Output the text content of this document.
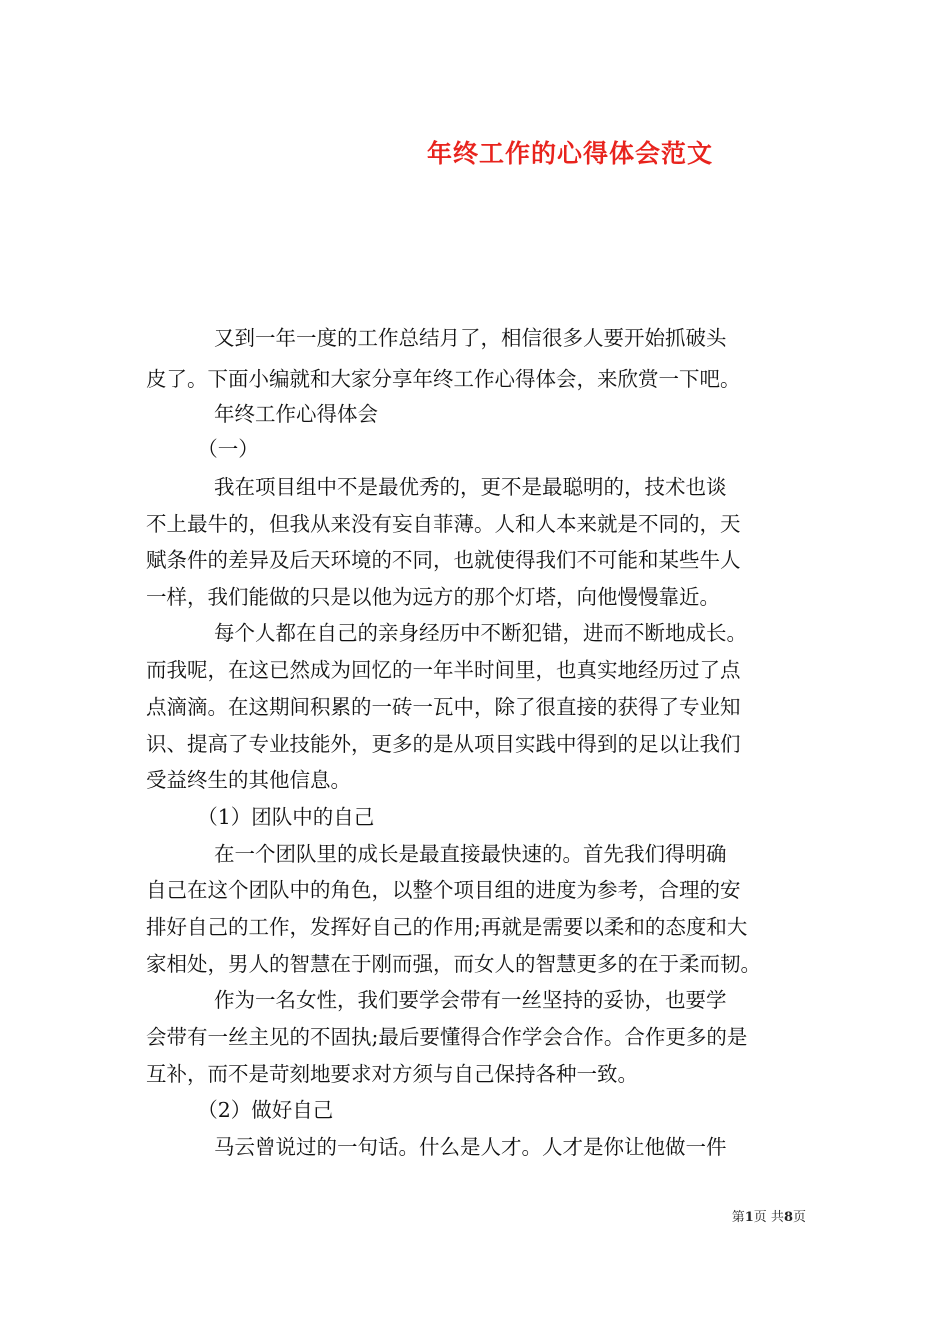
年终工作的心得体会范文

　　　 又到一年一度的工作总结月了，相信很多人要开始抓破头

皮了。下面小编就和大家分享年终工作心得体会，来欣赏一下吧。

　　　 年终工作心得体会

　　　（一）

　　　 我在项目组中不是最优秀的，更不是最聪明的，技术也谈

不上最牛的，但我从来没有妄自菲薄。人和人本来就是不同的，天

赋条件的差异及后天环境的不同，也就使得我们不可能和某些牛人

一样，我们能做的只是以他为远方的那个灯塔，向他慢慢靠近。

　　　 每个人都在自己的亲身经历中不断犯错，进而不断地成长。

而我呢，在这已然成为回忆的一年半时间里，也真实地经历过了点

点滴滴。在这期间积累的一砖一瓦中，除了很直接的获得了专业知

识、提高了专业技能外，更多的是从项目实践中得到的足以让我们

受益终生的其他信息。

　　　（1）团队中的自己

　　　 在一个团队里的成长是最直接最快速的。首先我们得明确

自己在这个团队中的角色，以整个项目组的进度为参考，合理的安

排好自己的工作，发挥好自己的作用;再就是需要以柔和的态度和大

家相处，男人的智慧在于刚而强，而女人的智慧更多的在于柔而韧。

　　　 作为一名女性，我们要学会带有一丝坚持的妥协，也要学

会带有一丝主见的不固执;最后要懂得合作学会合作。合作更多的是

互补，而不是苛刻地要求对方须与自己保持各种一致。

　　　（2）做好自己

　　　 马云曾说过的一句话。什么是人才。人才是你让他做一件

第1页 共8页
